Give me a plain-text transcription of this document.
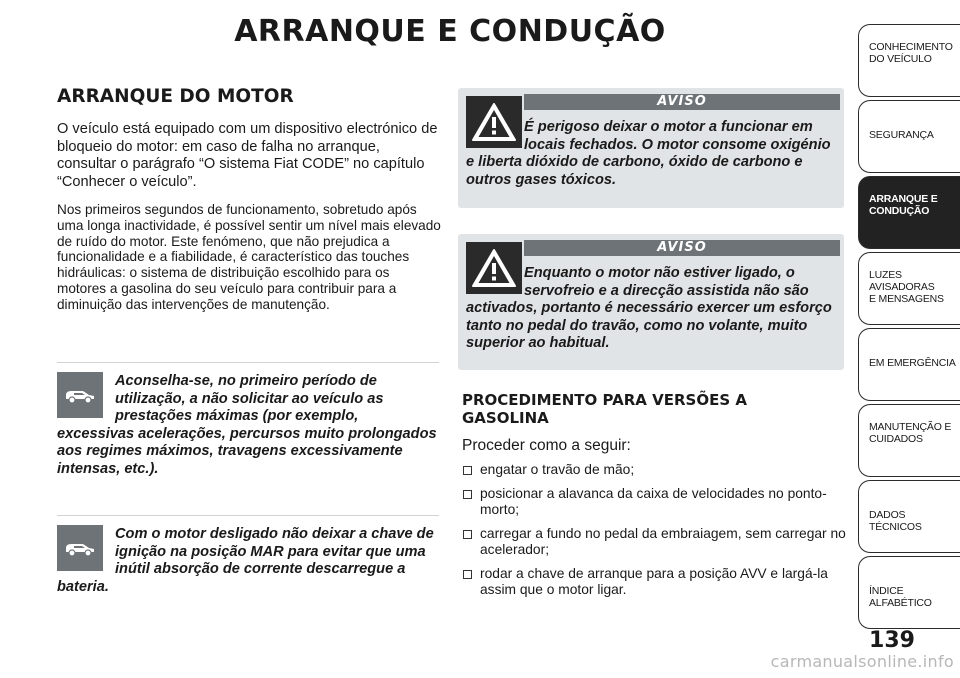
ARRANQUE E CONDUÇÃO
ARRANQUE DO MOTOR

O veículo está equipado com um dispositivo electrónico de bloqueio do motor: em caso de falha no arranque, consultar o parágrafo “O sistema Fiat CODE” no capítulo “Conhecer o veículo”.

Nos primeiros segundos de funcionamento, sobretudo após uma longa inactividade, é possível sentir um nível mais elevado de ruído do motor. Este fenómeno, que não prejudica a funcionalidade e a fiabilidade, é característico das touches hidráulicas: o sistema de distribuição escolhido para os motores a gasolina do seu veículo para contribuir para a diminuição das intervenções de manutenção.

Aconselha-se, no primeiro período de utilização, a não solicitar ao veículo as prestações máximas (por exemplo, excessivas acelerações, percursos muito prolongados aos regimes máximos, travagens excessivamente intensas, etc.).

Com o motor desligado não deixar a chave de ignição na posição MAR para evitar que uma inútil absorção de corrente descarregue a bateria.

AVISO

É perigoso deixar o motor a funcionar em locais fechados. O motor consome oxigénio e liberta dióxido de carbono, óxido de carbono e outros gases tóxicos.

AVISO

Enquanto o motor não estiver ligado, o servofreio e a direcção assistida não são activados, portanto é necessário exercer um esforço tanto no pedal do travão, como no volante, muito superior ao habitual.

PROCEDIMENTO PARA VERSÕES A GASOLINA
Proceder como a seguir:
engatar o travão de mão;
posicionar a alavanca da caixa de velocidades no ponto-morto;
carregar a fundo no pedal da embraiagem, sem carregar no acelerador;
rodar a chave de arranque para a posição AVV e largá-la assim que o motor ligar.
CONHECIMENTO
DO VEÍCULO
SEGURANÇA
ARRANQUE E
CONDUÇÃO
LUZES AVISADORAS
E MENSAGENS
EM EMERGÊNCIA
MANUTENÇÃO E
CUIDADOS
DADOS TÉCNICOS
ÍNDICE ALFABÉTICO
139
carmanualsonline.info
